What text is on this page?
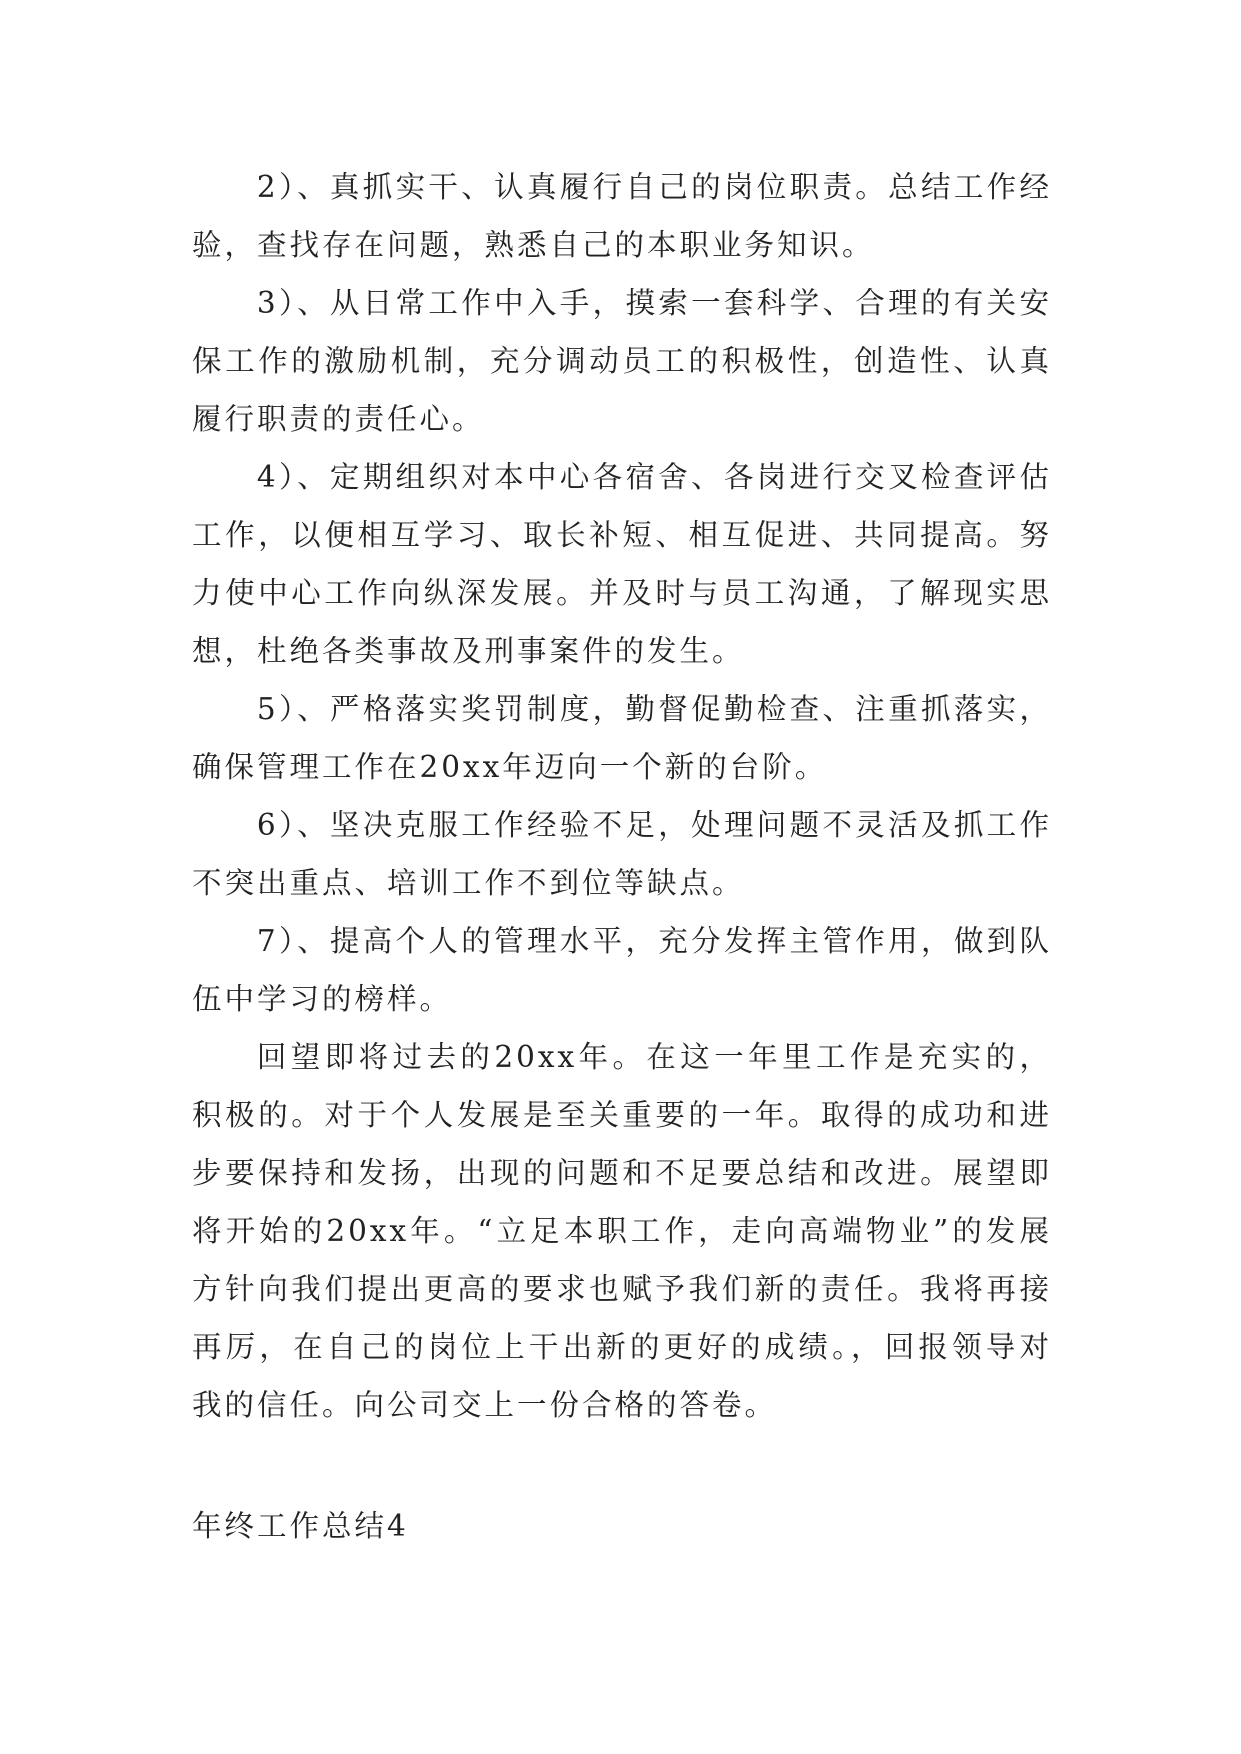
2）、真抓实干、认真履行自己的岗位职责。总结工作经验，查找存在问题，熟悉自己的本职业务知识。

3）、从日常工作中入手，摸索一套科学、合理的有关安保工作的激励机制，充分调动员工的积极性，创造性、认真履行职责的责任心。

4）、定期组织对本中心各宿舍、各岗进行交叉检查评估工作，以便相互学习、取长补短、相互促进、共同提高。努力使中心工作向纵深发展。并及时与员工沟通，了解现实思想，杜绝各类事故及刑事案件的发生。

5）、严格落实奖罚制度，勤督促勤检查、注重抓落实，确保管理工作在20xx年迈向一个新的台阶。

6）、坚决克服工作经验不足，处理问题不灵活及抓工作不突出重点、培训工作不到位等缺点。

7）、提高个人的管理水平，充分发挥主管作用，做到队伍中学习的榜样。

回望即将过去的20xx年。在这一年里工作是充实的，积极的。对于个人发展是至关重要的一年。取得的成功和进步要保持和发扬，出现的问题和不足要总结和改进。展望即将开始的20xx年。“立足本职工作，走向高端物业”的发展方针向我们提出更高的要求也赋予我们新的责任。我将再接再厉，在自己的岗位上干出新的更好的成绩。，回报领导对我的信任。向公司交上一份合格的答卷。

年终工作总结4
